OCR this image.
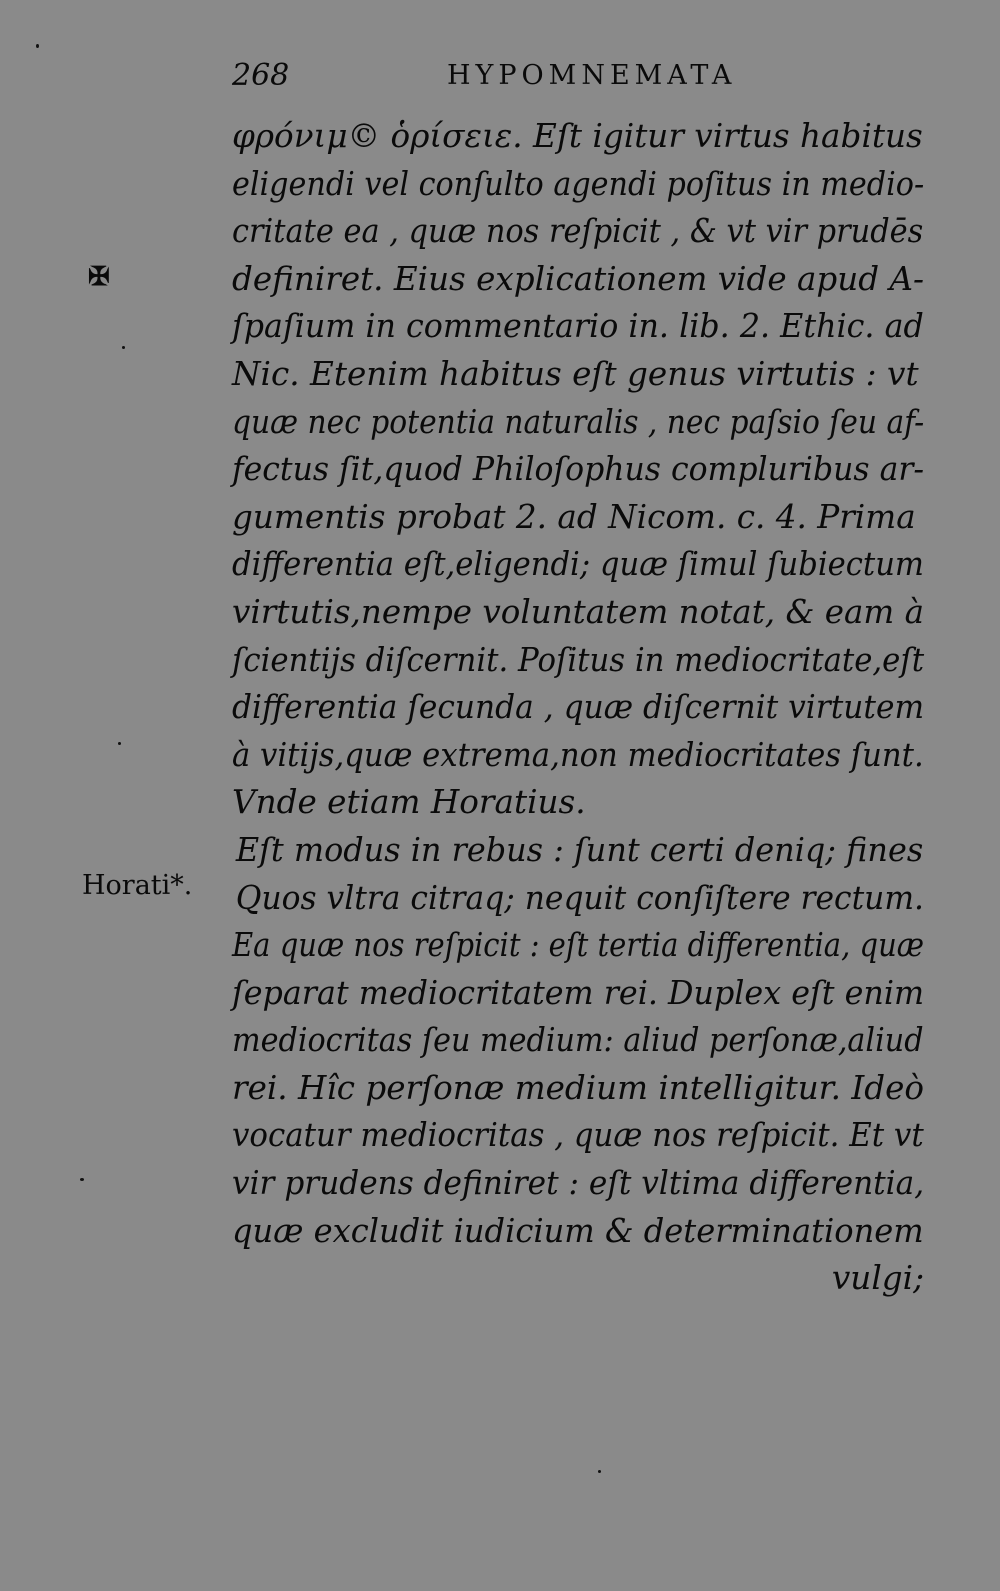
268	HYPOMNEMATA
✠
Horati*.
φρόνιμ© ὁρίσειε. Eſt igitur virtus habitus
eligendi vel conſulto agendi poſitus in medio-
critate ea , quæ nos reſpicit , & vt vir prudēs
definiret. Eius explicationem vide apud A-
ſpaſium in commentario in. lib. 2. Ethic. ad
Nic. Etenim habitus eſt genus virtutis : vt
quæ nec potentia naturalis , nec paſsio ſeu af-
fectus ſit,quod Philoſophus compluribus ar-
gumentis probat 2. ad Nicom. c. 4. Prima
differentia eſt,eligendi; quæ ſimul ſubiectum
virtutis,nempe voluntatem notat, & eam à
ſcientijs diſcernit. Poſitus in mediocritate,eſt
differentia ſecunda , quæ diſcernit virtutem
à vitijs,quæ extrema,non mediocritates ſunt.
Vnde etiam Horatius.
Eſt modus in rebus : ſunt certi deniq; fines
Quos vltra citraq; nequit conſiſtere rectum.
Ea quæ nos reſpicit : eſt tertia differentia, quæ
ſeparat mediocritatem rei. Duplex eſt enim
mediocritas ſeu medium: aliud perſonæ,aliud
rei. Hîc perſonæ medium intelligitur. Ideò
vocatur mediocritas , quæ nos reſpicit. Et vt
vir prudens definiret : eſt vltima differentia,
quæ excludit iudicium & determinationem
vulgi;
